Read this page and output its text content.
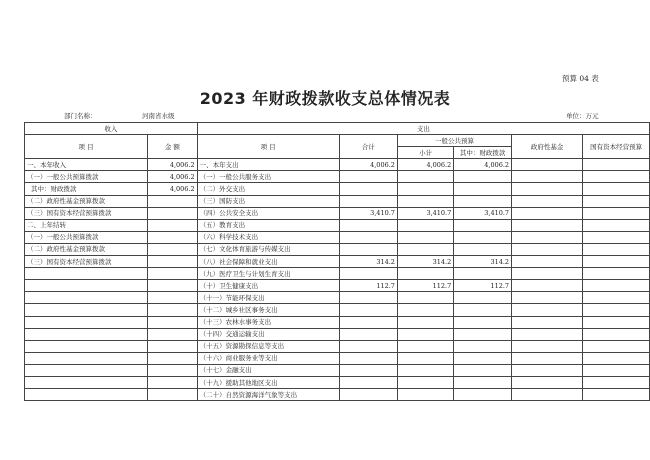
预算 04 表
2023 年财政拨款收支总体情况表
部门名称：	河南省水级	单位：万元
收入		支出					
项 目	金 额	项 目	合计	一般公共预算		政府性基金	国有资本经营预算
				小计	其中：财政拨款		
一、本年收入	4,006.2	一、本年支出	4,006.2	4,006.2	4,006.2		
（一）一般公共预算拨款	4,006.2	（一）一般公共服务支出					
其中：财政拨款	4,006.2	（二）外交支出					
（二）政府性基金预算拨款		（三）国防支出					
（三）国有资本经营预算拨款		（四）公共安全支出	3,410.7	3,410.7	3,410.7		
二、上年结转		（五）教育支出					
（一）一般公共预算拨款		（六）科学技术支出					
（二）政府性基金预算拨款		（七）文化体育旅游与传媒支出					
（三）国有资本经营预算拨款		（八）社会保障和就业支出	314.2	314.2	314.2		
		（九）医疗卫生与计划生育支出					
		（十）卫生健康支出	112.7	112.7	112.7		
		（十一）节能环保支出					
		（十二）城乡社区事务支出					
		（十三）农林水事务支出					
		（十四）交通运输支出					
		（十五）资源勘探信息等支出					
		（十六）商业服务业等支出					
		（十七）金融支出					
		（十九）援助其他地区支出					
		（二十）自然资源海洋气象等支出					
